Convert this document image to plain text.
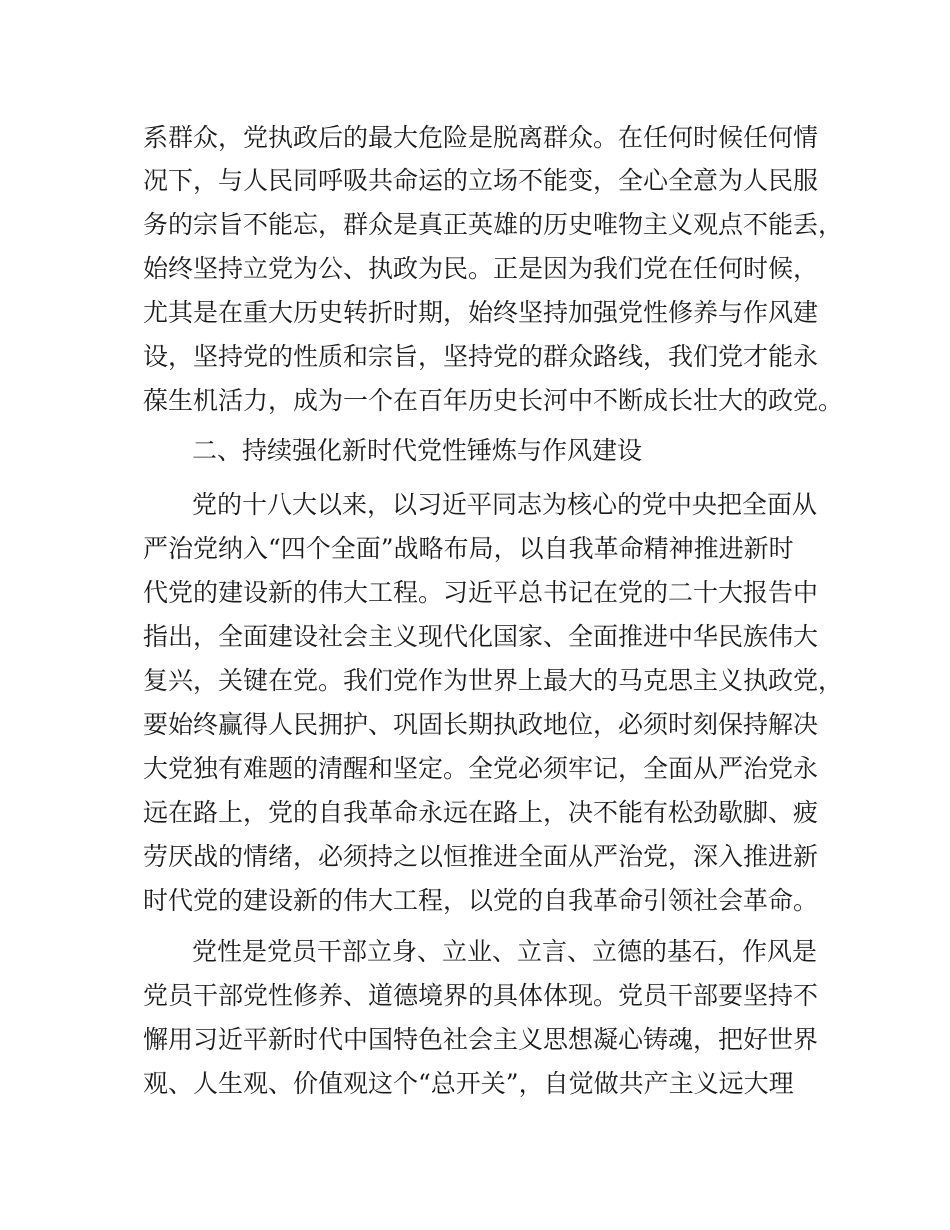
系群众，党执政后的最大危险是脱离群众。在任何时候任何情
况下，与人民同呼吸共命运的立场不能变，全心全意为人民服
务的宗旨不能忘，群众是真正英雄的历史唯物主义观点不能丢，
始终坚持立党为公、执政为民。正是因为我们党在任何时候，
尤其是在重大历史转折时期，始终坚持加强党性修养与作风建
设，坚持党的性质和宗旨，坚持党的群众路线，我们党才能永
葆生机活力，成为一个在百年历史长河中不断成长壮大的政党。
二、持续强化新时代党性锤炼与作风建设
党的十八大以来，以习近平同志为核心的党中央把全面从
严治党纳入“四个全面”战略布局，以自我革命精神推进新时
代党的建设新的伟大工程。习近平总书记在党的二十大报告中
指出，全面建设社会主义现代化国家、全面推进中华民族伟大
复兴，关键在党。我们党作为世界上最大的马克思主义执政党，
要始终赢得人民拥护、巩固长期执政地位，必须时刻保持解决
大党独有难题的清醒和坚定。全党必须牢记，全面从严治党永
远在路上，党的自我革命永远在路上，决不能有松劲歇脚、疲
劳厌战的情绪，必须持之以恒推进全面从严治党，深入推进新
时代党的建设新的伟大工程，以党的自我革命引领社会革命。
党性是党员干部立身、立业、立言、立德的基石，作风是
党员干部党性修养、道德境界的具体体现。党员干部要坚持不
懈用习近平新时代中国特色社会主义思想凝心铸魂，把好世界
观、人生观、价值观这个“总开关”，自觉做共产主义远大理
